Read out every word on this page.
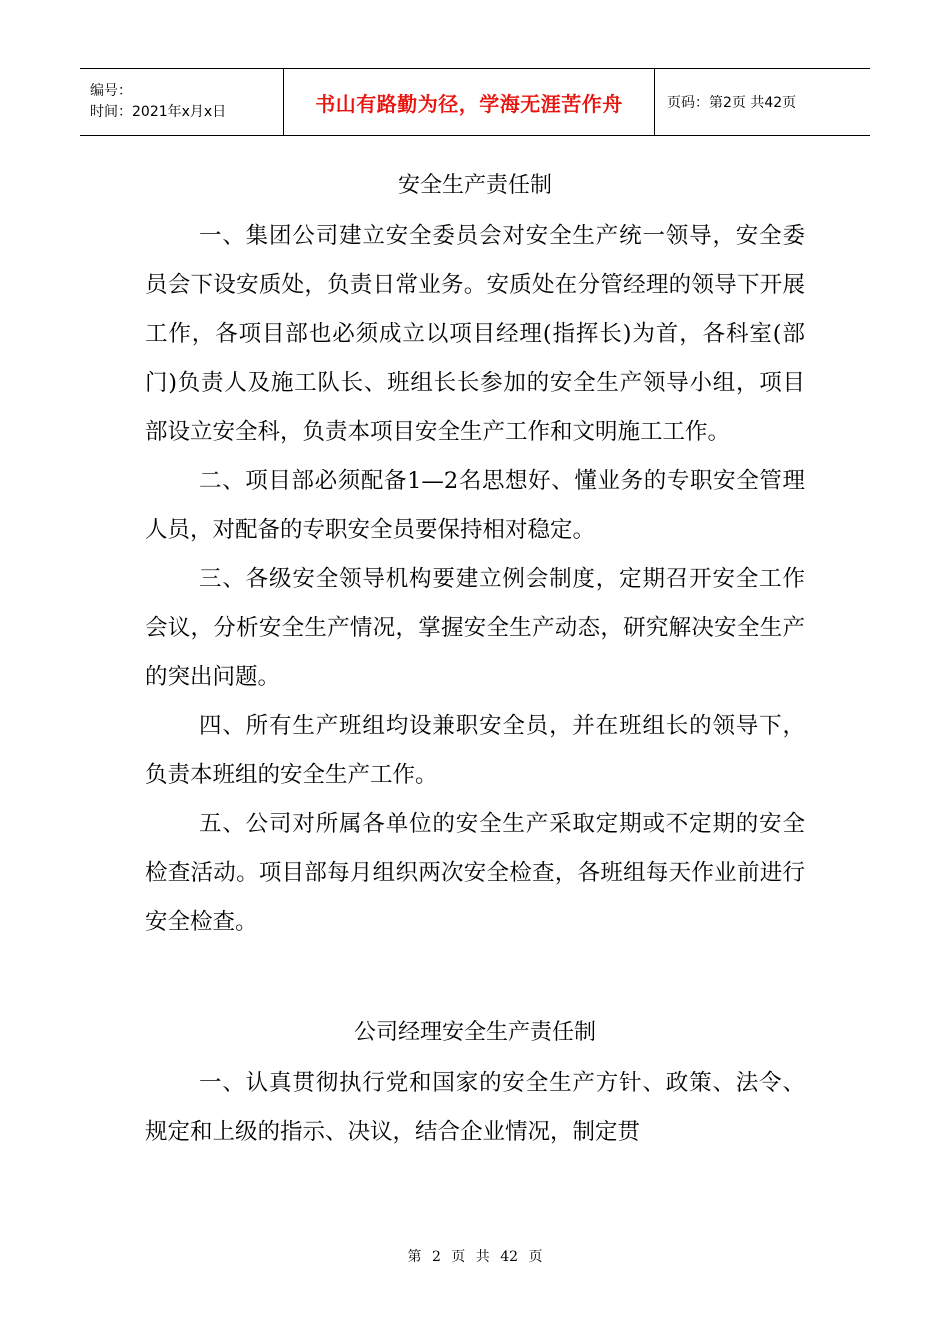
编号：
时间：2021年x月x日	书山有路勤为径，学海无涯苦作舟	页码：第2页 共42页
安全生产责任制

一、集团公司建立安全委员会对安全生产统一领导，安全委员会下设安质处，负责日常业务。安质处在分管经理的领导下开展工作，各项目部也必须成立以项目经理(指挥长)为首，各科室(部门)负责人及施工队长、班组长长参加的安全生产领导小组，项目部设立安全科，负责本项目安全生产工作和文明施工工作。

二、项目部必须配备1—2名思想好、懂业务的专职安全管理人员，对配备的专职安全员要保持相对稳定。

三、各级安全领导机构要建立例会制度，定期召开安全工作会议，分析安全生产情况，掌握安全生产动态，研究解决安全生产的突出问题。

四、所有生产班组均设兼职安全员，并在班组长的领导下，负责本班组的安全生产工作。

五、公司对所属各单位的安全生产采取定期或不定期的安全检查活动。项目部每月组织两次安全检查，各班组每天作业前进行安全检查。

公司经理安全生产责任制

一、认真贯彻执行党和国家的安全生产方针、政策、法令、规定和上级的指示、决议，结合企业情况，制定贯

第 2 页 共 42 页
